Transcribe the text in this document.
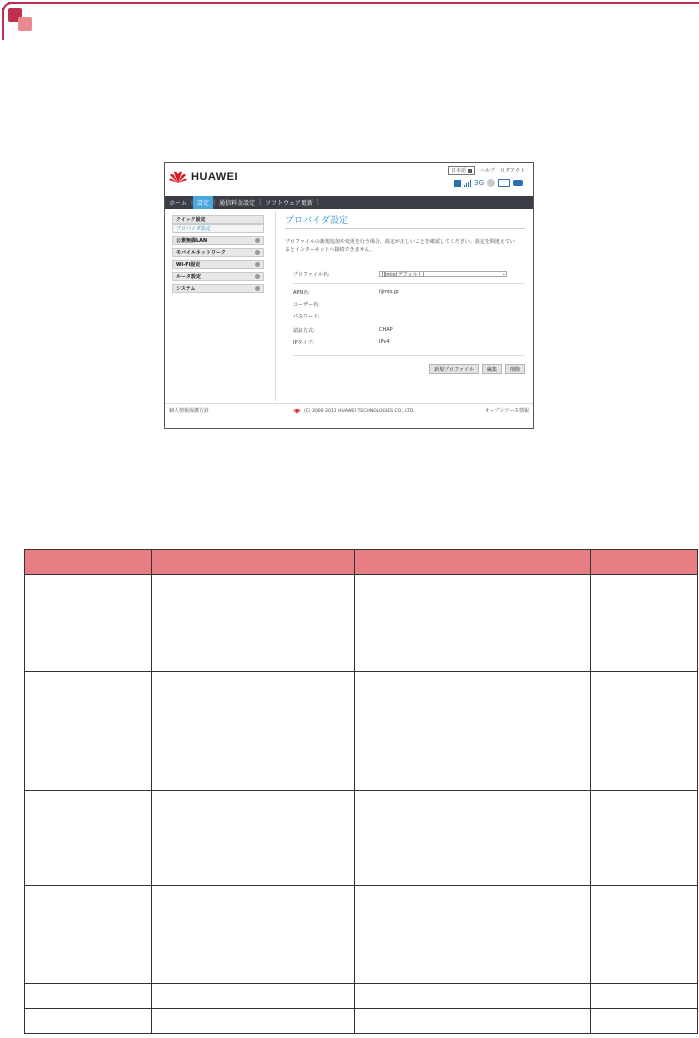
HUAWEI	日本語	ヘルプ ログアウト
3G
ホーム | 設定 | 通信料金設定 | ソフトウェア更新 |
クイック設定
プロバイダ設定
公衆無線LAN
モバイルネットワーク
Wi-Fi設定
ルータ設定
システム
プロバイダ設定
プロファイルの新規追加や変更を行う場合、設定が正しいことを確認してください。設定を間違えているとインターネットへ接続できません。
プロファイル名:	IIJmio(デフォルト)	⌄
APN名:	iijmio.jp
ユーザー名:
パスワード:
認証方式:	CHAP
IPタイプ:	IPv4
新規プロファイル	編集	削除
個人情報保護方針	(C) 2006-2011 HUAWEI TECHNOLOGIES CO., LTD.	オープンソース情報
